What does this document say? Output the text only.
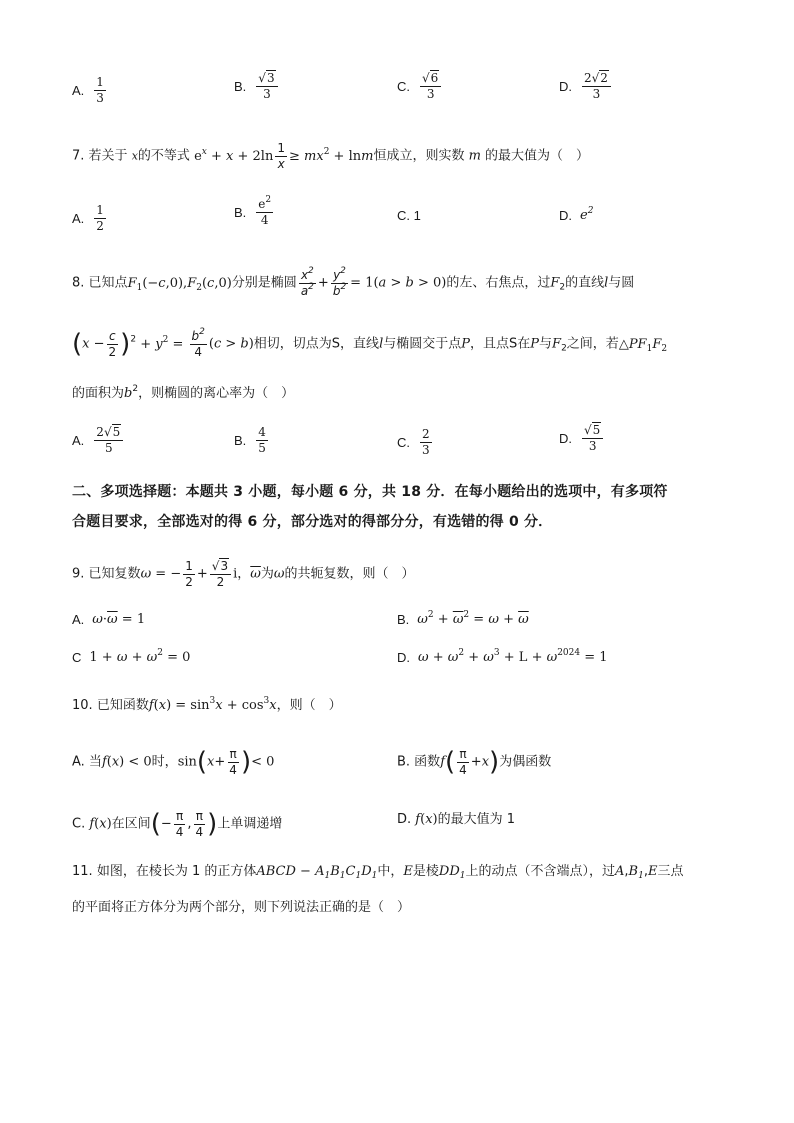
A. $\frac{1}{3}$	B. $\frac{√3}{3}$	C. $\frac{√6}{3}$	D. $\frac{2√2}{3}$
7. 若关于 x的不等式 $e^x + x + 2\ln \frac{1}{x} \ge mx^2 + \ln m$恒成立，则实数 m 的最大值为（　）
A. $\frac{1}{2}$	B. $\frac{e^2}{4}$	C. 1	D. $e^2$
8. 已知点$F_1(-c,0),F_2(c,0)$分别是椭圆 $\frac{x^2}{a^2} + \frac{y^2}{b^2} = 1(a > b > 0)$的左、右焦点，过$F_2$的直线l与圆
$(x - \frac{c}{2} )^2 + y^2 = \frac{b^2}{4} (c > b)$相切，切点为S，直线l与椭圆交于点P，且点S在P与$F_2$之间，若$\triangle PF_1F_2$
的面积为$b^2$，则椭圆的离心率为（　）
A. $\frac{2√5}{5}$	B. $\frac{4}{5}$	C. $\frac{2}{3}$	D. $\frac{√5}{3}$
二、多项选择题：本题共 3 小题，每小题 6 分，共 18 分．在每小题给出的选项中，有多项符
合题目要求，全部选对的得 6 分，部分选对的得部分分，有选错的得 0 分．
9. 已知复数ω = − $\frac{1}{2} + \frac{√3}{2}$ i，$\overline{\omega}$为ω的共轭复数，则（　）
A. $\omega\cdot\overline{\omega} = 1$	B. $\omega^2 + \overline{\omega}^2 = \omega + \overline{\omega}$
C $1 + \omega + \omega^2 = 0$	D. $\omega + \omega^2 + \omega^3 + L + \omega^{2024} = 1$
10. 已知函数$f(x) = \sin^3x + \cos^3x$，则（　）
A. 当f(x) < 0时，$\sin(x+ \frac{\pi}{4}$ )< 0	B. 函数$f( \frac{\pi}{4} +x)$为偶函数
C. f(x)在区间(− $\frac{\pi}{4}$ , $\frac{\pi}{4}$ )上单调递增	D. f(x)的最大值为 1
11. 如图，在棱长为 1 的正方体ABCD − $A_1B_1C_1D_1$中，E是棱$DD_1$上的动点（不含端点），过$A,B_1,E$三点
的平面将正方体分为两个部分，则下列说法正确的是（　）
